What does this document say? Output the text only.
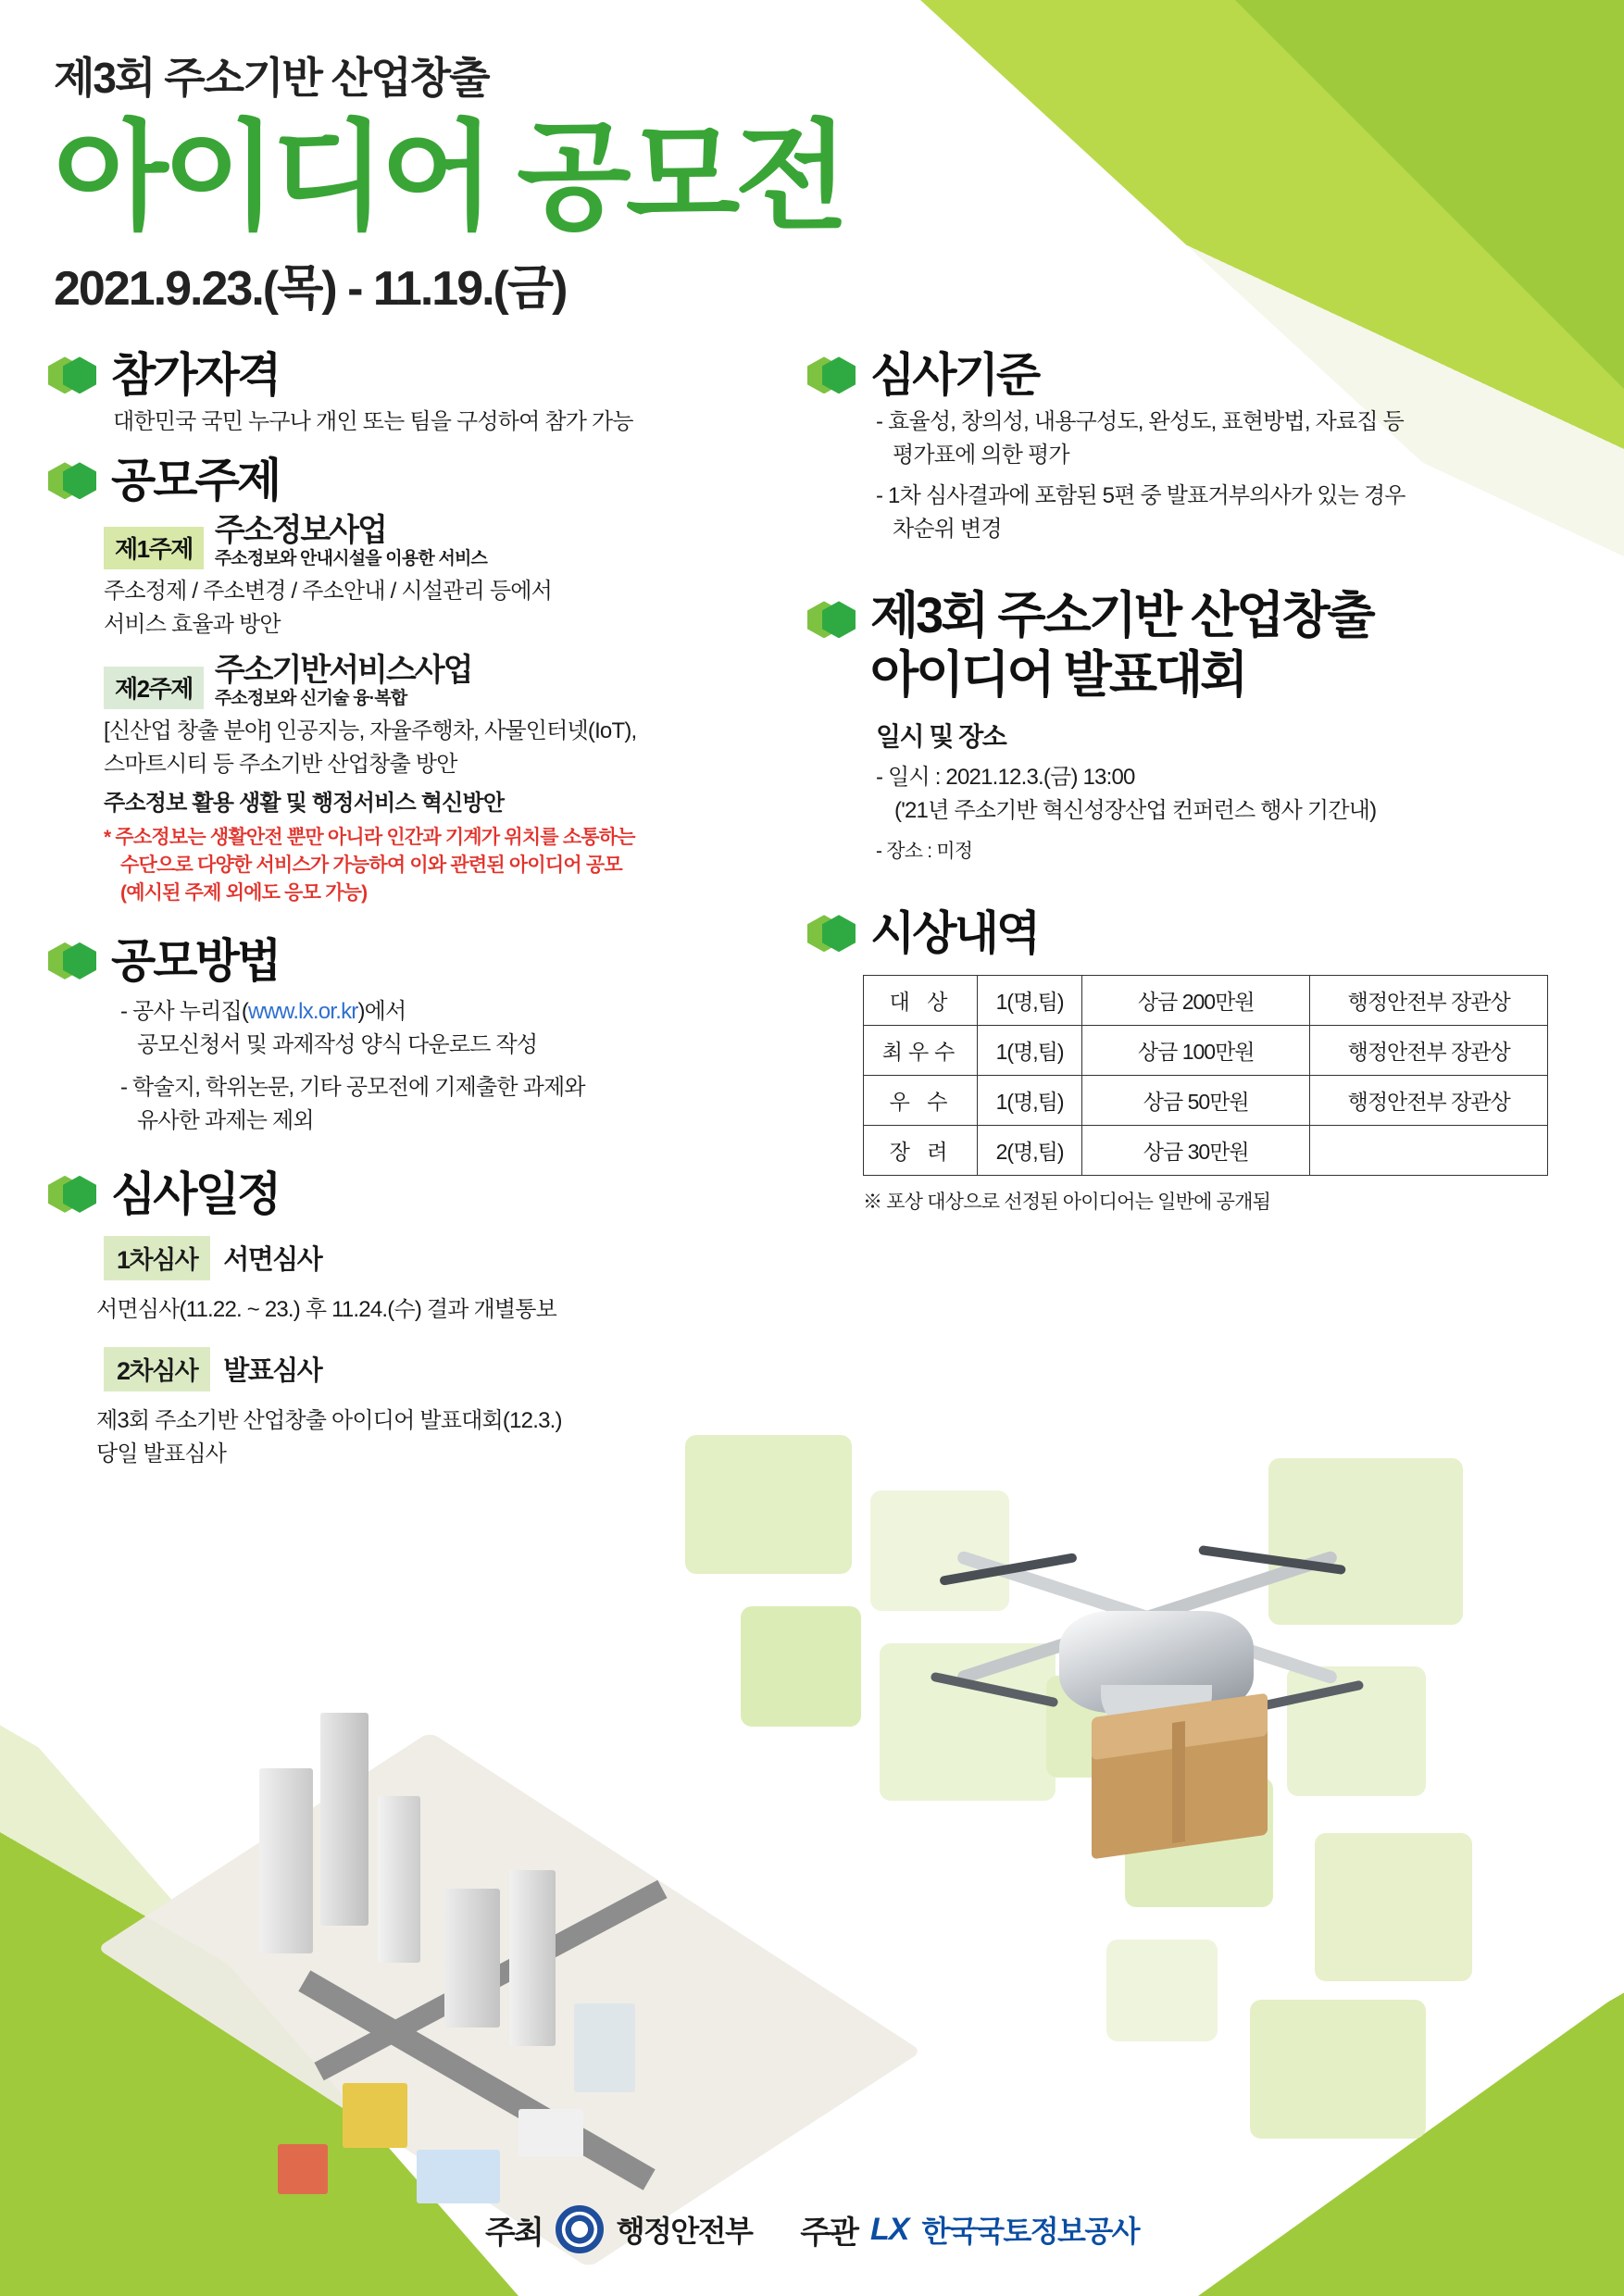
제3회 주소기반 산업창출
아이디어 공모전
2021.9.23.(목) - 11.19.(금)
참가자격
대한민국 국민 누구나 개인 또는 팀을 구성하여 참가 가능
공모주제
제1주제
주소정보사업
주소정보와 안내시설을 이용한 서비스
주소정제 / 주소변경 / 주소안내 / 시설관리 등에서
서비스 효율과 방안
제2주제
주소기반서비스사업
주소정보와 신기술 융·복합
[신산업 창출 분야] 인공지능, 자율주행차, 사물인터넷(IoT),
스마트시티 등 주소기반 산업창출 방안
주소정보 활용 생활 및 행정서비스 혁신방안
* 주소정보는 생활안전 뿐만 아니라 인간과 기계가 위치를 소통하는
수단으로 다양한 서비스가 가능하여 이와 관련된 아이디어 공모
(예시된 주제 외에도 응모 가능)
공모방법
- 공사 누리집(www.lx.or.kr)에서
공모신청서 및 과제작성 양식 다운로드 작성
- 학술지, 학위논문, 기타 공모전에 기제출한 과제와
유사한 과제는 제외
심사일정
1차심사 서면심사
서면심사(11.22. ~ 23.) 후 11.24.(수) 결과 개별통보
2차심사 발표심사
제3회 주소기반 산업창출 아이디어 발표대회(12.3.)
당일 발표심사
심사기준
- 효율성, 창의성, 내용구성도, 완성도, 표현방법, 자료집 등
평가표에 의한 평가
- 1차 심사결과에 포함된 5편 중 발표거부의사가 있는 경우
차순위 변경
제3회 주소기반 산업창출
아이디어 발표대회
일시 및 장소
- 일시 : 2021.12.3.(금) 13:00
('21년 주소기반 혁신성장산업 컨퍼런스 행사 기간내)
- 장소 : 미정
시상내역
대 상	1(명,팀)	상금 200만원	행정안전부 장관상
최우수	1(명,팀)	상금 100만원	행정안전부 장관상
우 수	1(명,팀)	상금 50만원	행정안전부 장관상
장 려	2(명,팀)	상금 30만원	
※ 포상 대상으로 선정된 아이디어는 일반에 공개됨
주최	행정안전부 주관 LX 한국국토정보공사
